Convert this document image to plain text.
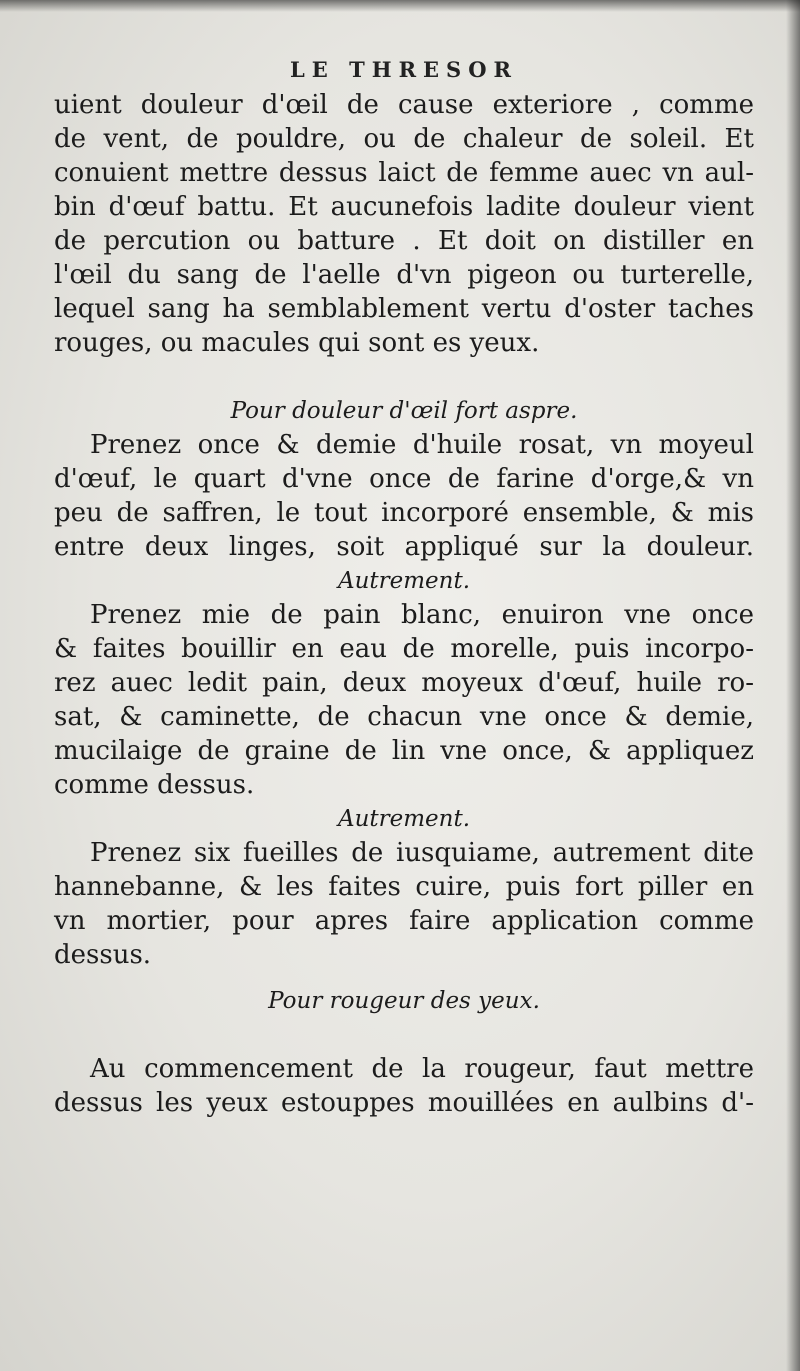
LE THRESOR
uient douleur d'œil de cause exteriore , comme
de vent, de pouldre, ou de chaleur de soleil. Et
conuient mettre dessus laict de femme auec vn aul-
bin d'œuf battu. Et aucunefois ladite douleur vient
de percution ou batture . Et doit on distiller en
l'œil du sang de l'aelle d'vn pigeon ou turterelle,
lequel sang ha semblablement vertu d'oster taches
rouges, ou macules qui sont es yeux.
Pour douleur d'œil fort aspre.
Prenez once & demie d'huile rosat, vn moyeul
d'œuf, le quart d'vne once de farine d'orge,& vn
peu de saffren, le tout incorporé ensemble, & mis
entre deux linges, soit appliqué sur la douleur.
Autrement.
Prenez mie de pain blanc, enuiron vne once
& faites bouillir en eau de morelle, puis incorpo-
rez auec ledit pain, deux moyeux d'œuf, huile ro-
sat, & caminette, de chacun vne once & demie,
mucilaige de graine de lin vne once, & appliquez
comme dessus.
Autrement.
Prenez six fueilles de iusquiame, autrement dite
hannebanne, & les faites cuire, puis fort piller en
vn mortier, pour apres faire application comme
dessus.
Pour rougeur des yeux.
Au commencement de la rougeur, faut mettre
dessus les yeux estouppes mouillées en aulbins d'-
